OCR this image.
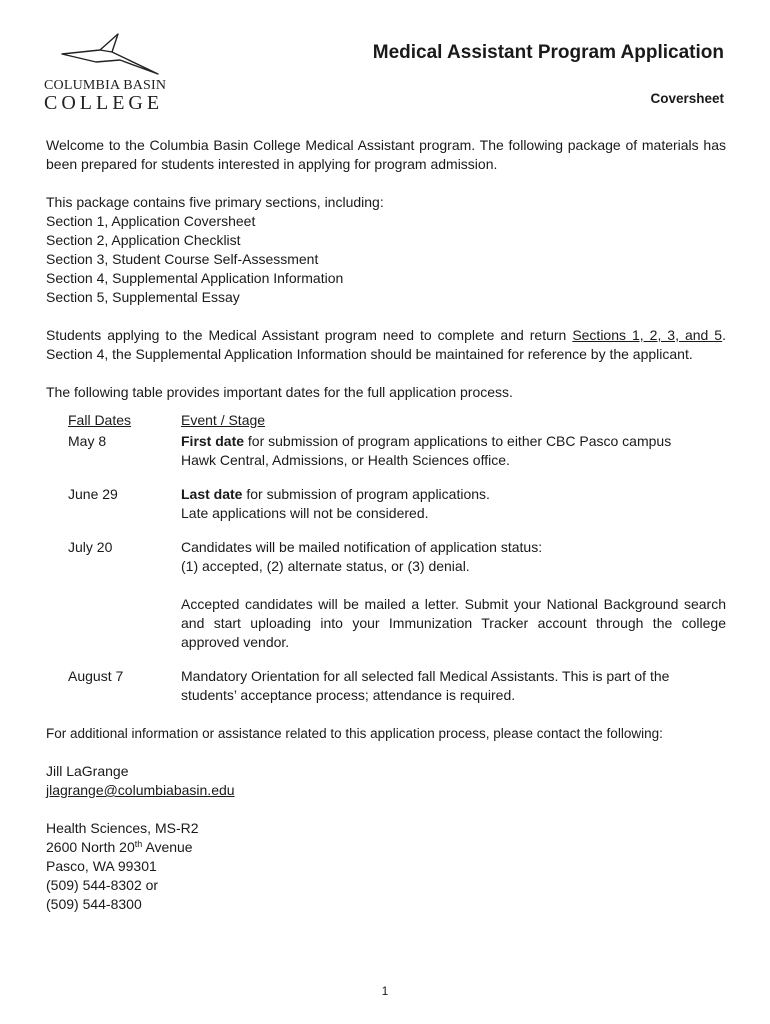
COLUMBIA BASIN
COLLEGE
Medical Assistant Program Application
Coversheet

Welcome to the Columbia Basin College Medical Assistant program. The following package of materials has been prepared for students interested in applying for program admission.

This package contains five primary sections, including:

Section 1, Application Coversheet
Section 2, Application Checklist
Section 3, Student Course Self-Assessment
Section 4, Supplemental Application Information
Section 5, Supplemental Essay

Students applying to the Medical Assistant program need to complete and return Sections 1, 2, 3, and 5. Section 4, the Supplemental Application Information should be maintained for reference by the applicant.

The following table provides important dates for the full application process.

Fall Dates	Event / Stage
May 8	First date for submission of program applications to either CBC Pasco campus
Hawk Central, Admissions, or Health Sciences office.
June 29	Last date for submission of program applications.
Late applications will not be considered.
July 20	Candidates will be mailed notification of application status:
(1) accepted, (2) alternate status, or (3) denial.
Accepted candidates will be mailed a letter. Submit your National Background search and start uploading into your Immunization Tracker account through the college approved vendor.
August 7	Mandatory Orientation for all selected fall Medical Assistants. This is part of the students’ acceptance process; attendance is required.

For additional information or assistance related to this application process, please contact the following:

Jill LaGrange
jlagrange@columbiabasin.edu
Health Sciences, MS-R2
2600 North 20th Avenue
Pasco, WA 99301
(509) 544-8302 or
(509) 544-8300
1
